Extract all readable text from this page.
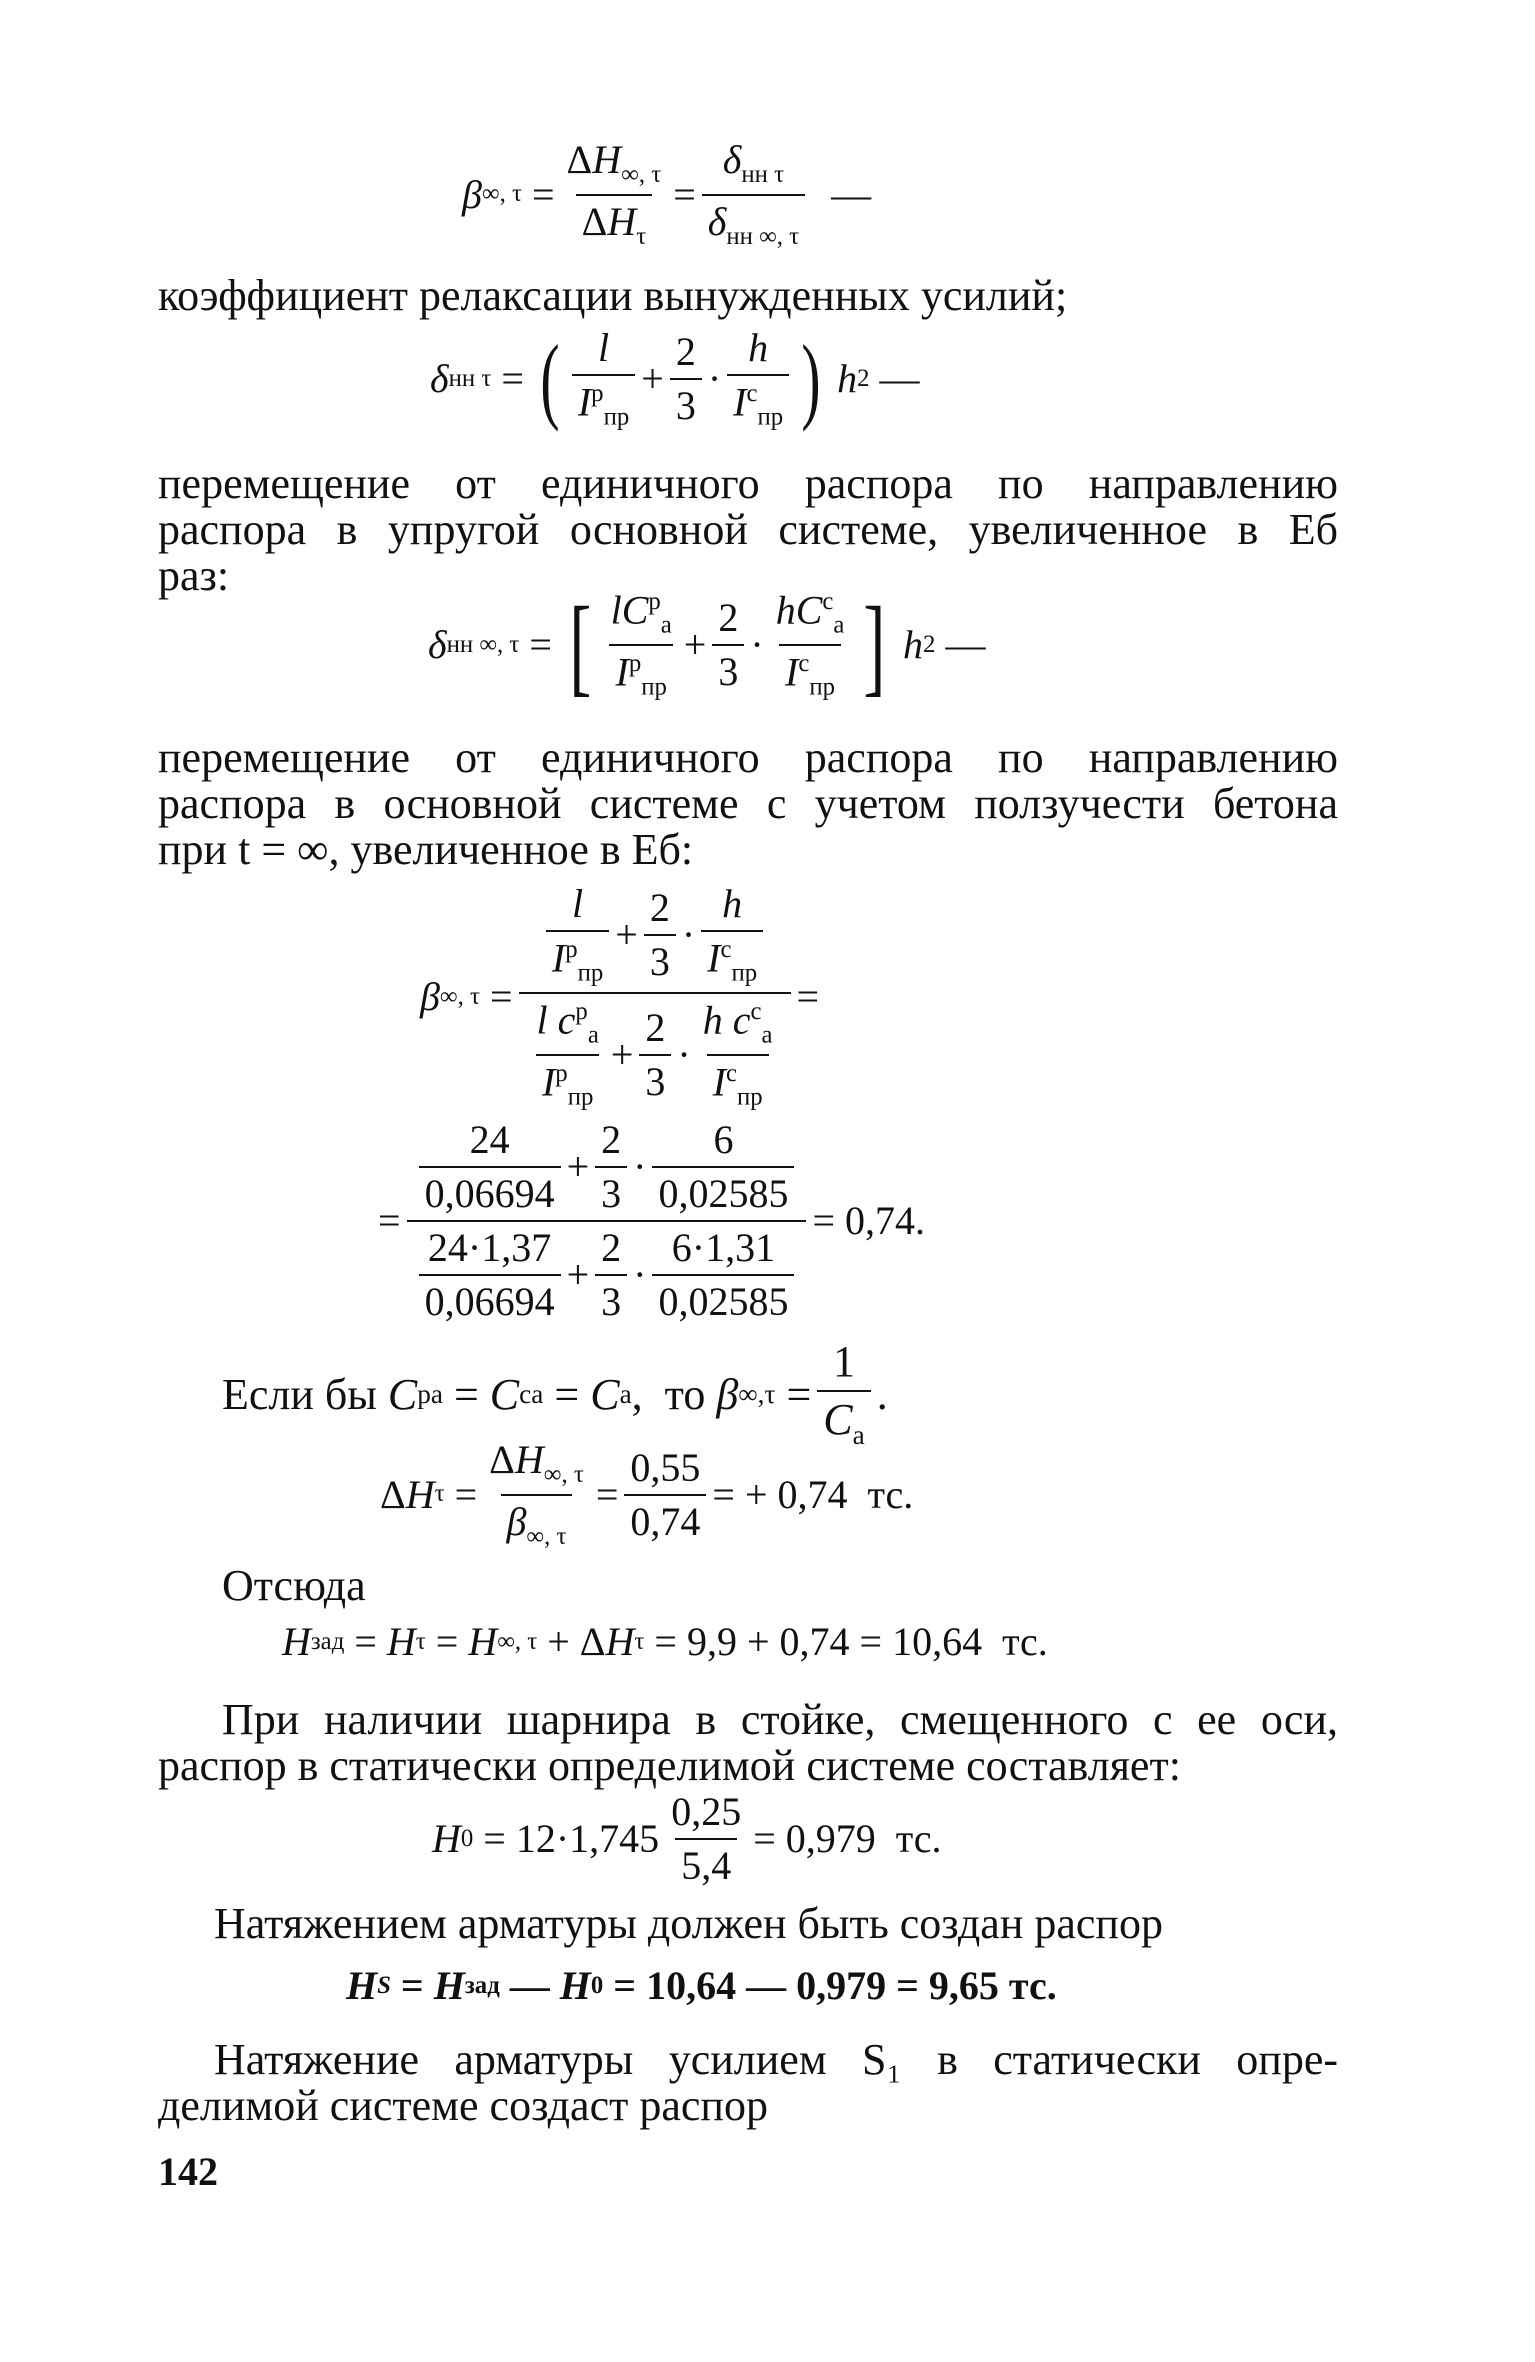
β ∞, $\tau = \frac{\Delta H_{\infty, \tau}}{\Delta H_\tau} = \frac{\delta_{нн \tau}}{\delta_{нн \infty, \tau}}$ —
коэффициент релаксации вынужденных усилий;
δ нн τ = ( $\frac{l}{I^р_{пр}} + \frac{2}{3} \cdot \frac{h}{I^с_{пр}}$ )
h 2 —
перемещение от единичного распора по направлению
распора в упругой основной системе, увеличенное в Eб
раз:
δ нн ∞, τ = [ $\frac{lC^р_а}{I^р_{пр}} + \frac{2}{3} \cdot \frac{hC^с_а}{I^с_{пр}}$ ]
h 2 —
перемещение от единичного распора по направлению
распора в основной системе с учетом ползучести бетона
при t = ∞, увеличенное в Eб:
β ∞, $\tau = \frac{\frac{l}{I^р_{пр}} + \frac{2}{3} \cdot \frac{h}{I^с_{пр}}}{\frac{l c^р_а}{I^р_{пр}} + \frac{2}{3} \cdot \frac{h c^с_а}{I^с_{пр}}}$ =
= $\frac{\frac{24}{0,06694} + \frac{2}{3} \cdot \frac{6}{0,02585}}{\frac{24\cdot 1,37}{0,06694} + \frac{2}{3} \cdot \frac{6\cdot 1,31}{0,02585}} = 0,74$ .
Если бы C р а = C с а = C а ,  то β $\infty,\tau = \frac{1}{C_а}$ .
Δ H $\tau = \frac{\Delta H_{\infty, \tau}}{\beta_{\infty, \tau}} = \frac{0,55}{0,74}$ = + 0,74
тс.
Отсюда
H зад = H τ = H ∞, τ + Δ H τ = 9,9 + 0,74 = 10,64
тс.
При наличии шарнира в стойке, смещенного с ее оси,
распор в статически определимой системе составляет:
H $0 = 12\cdot 1,745 \frac{0,25}{5,4} = 0,979$
тс.
Натяжением арматуры должен быть создан распор
H S = H зад — H 0 = 10,64 — 0,979 = 9,65
тс.
Натяжение арматуры усилием S₁ в статически опре-
делимой системе создаст распор
142
